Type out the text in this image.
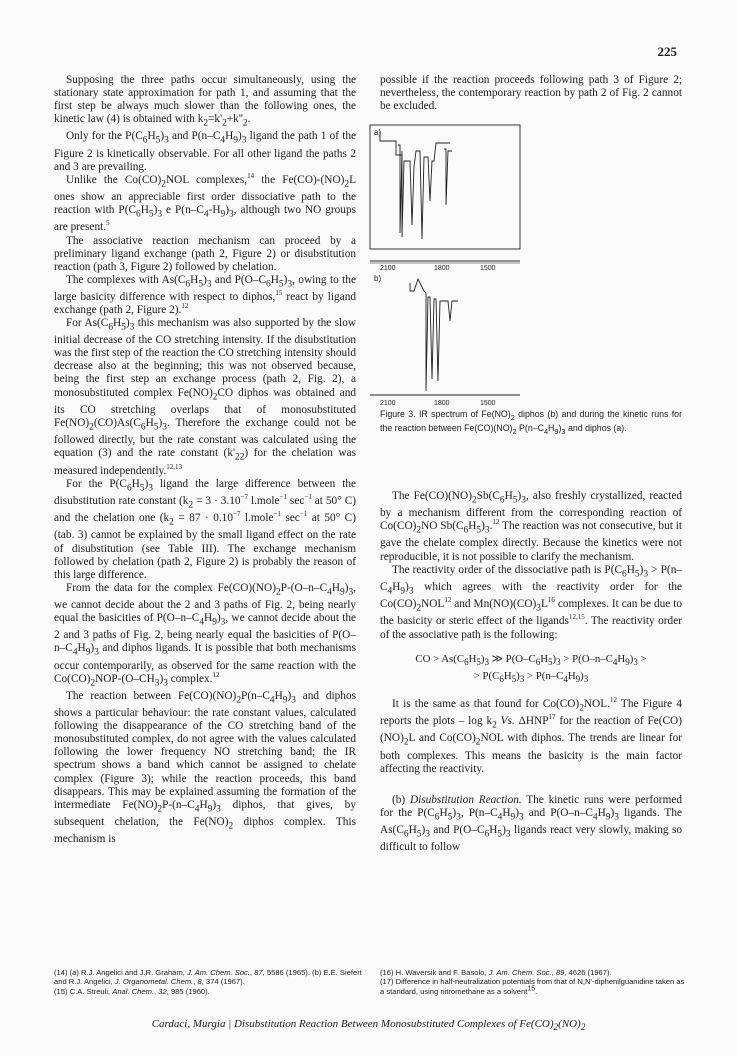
225

Supposing the three paths occur simultaneously, using the stationary state approximation for path 1, and assuming that the first step be always much slower than the following ones, the kinetic law (4) is obtained with $k_2=k'_2+k''_2$.

Only for the $P(C_6H_5)_3$ and $P(n-C_4H_9)_3$ ligand the path 1 of the Figure 2 is kinetically observable. For all other ligand the paths 2 and 3 are prevailing.

Unlike the $Co(CO)_2NOL$ complexes,$^{14}$ the $Fe(CO)-(NO)_2L$ ones show an appreciable first order dissociative path to the reaction with $P(C_6H_5)_3$ e $P(n-C_4-H_9)_3$, although two NO groups are present.$^5$

The associative reaction mechanism can proceed by a preliminary ligand exchange (path 2, Figure 2) or disubstitution reaction (path 3, Figure 2) followed by chelation.

The complexes with $As(C_6H_5)_3$ and $P(O-C_6H_5)_3$, owing to the large basicity difference with respect to diphos,$^{15}$ react by ligand exchange (path 2, Figure 2).$^{12}$

For $As(C_6H_5)_3$ this mechanism was also supported by the slow initial decrease of the CO stretching intensity. If the disubstitution was the first step of the reaction the CO stretching intensity should decrease also at the beginning; this was not observed because, being the first step an exchange process (path 2, Fig. 2), a monosubstituted complex $Fe(NO)_2CO$ diphos was obtained and its CO stretching overlaps that of monosubstituted $Fe(NO)_2(CO)As(C_6H_5)_3$. Therefore the exchange could not be followed directly, but the rate constant was calculated using the equation (3) and the rate constant $(k'_{22})$ for the chelation was measured independently.$^{12,13}$

For the $P(C_6H_5)_3$ ligand the large difference between the disubstitution rate constant ($k_2 = 3 \cdot 3.10^{-7}$ l.mole$^{-1}$ $\sec^{-1}$ at 50° C) and the chelation one ($k_2 = 87 \cdot 0.10^{-7}$ l.mole$^{-1}$ $\sec^{-1}$ at 50° C) (tab. 3) cannot be explained by the small ligand effect on the rate of disubstitution (see Table III). The exchange mechanism followed by chelation (path 2, Figure 2) is probably the reason of this large difference.

From the data for the complex $Fe(CO)(NO)_2P-(O-n-C_4H_9)_3$, we cannot decide about the 2 and 3 paths of Fig. 2, being nearly equal the basicities of $P(O-n-C_4H_9)_3$, we cannot decide about the 2 and 3 paths of Fig. 2, being nearly equal the basicities of $P(O-n-C_4H_9)_3$ and diphos ligands. It is possible that both mechanisms occur contemporarily, as observed for the same reaction with the $Co(CO)_2NOP-(O-CH_3)_3$ complex.$^{12}$

The reaction between $Fe(CO)(NO)_2P(n-C_4H_9)_3$ and diphos shows a particular behaviour: the rate constant values, calculated following the disappearance of the CO stretching band of the monosubstituted complex, do not agree with the values calculated following the lower frequency NO stretching band; the IR spectrum shows a band which cannot be assigned to chelate complex (Figure 3); while the reaction proceeds, this band disappears. This may be explained assuming the formation of the intermediate $Fe(NO)_2P-(n-C_4H_9)_3$ diphos, that gives, by subsequent chelation, the $Fe(NO)_2$ diphos complex. This mechanism is

possible if the reaction proceeds following path 3 of Figure 2; nevertheless, the contemporary reaction by path 2 of Fig. 2 cannot be excluded.

a)
2100	1800	1500
b)
2100	1800	1500

Figure 3. IR spectrum of $Fe(NO)_2$ diphos (b) and during the kinetic runs for the reaction between $Fe(CO)(NO)_2$ $P(n-C_4H_9)_3$ and diphos (a).

The $Fe(CO)(NO)_2Sb(C_6H_5)_3$, also freshly crystallized, reacted by a mechanism different from the corresponding reaction of $Co(CO)_2NO$ $Sb(C_6H_5)_3.^{12}$ The reaction was not consecutive, but it gave the chelate complex directly. Because the kinetics were not reproducible, it is not possible to clarify the mechanism.

The reactivity order of the dissociative path is $P(C_6H_5)_3 > P(n-C_4H_9)_3$ which agrees with the reactivity order for the $Co(CO)_2NOL^{12}$ and $Mn(NO)(CO)_3L^{16}$ complexes. It can be due to the basicity or steric effect of the ligands$^{12,15}$. The reactivity order of the associative path is the following:

CO > $As(C_6H_5)_3$ ≫ $P(O-C_6H_5)_3 > P(O-n-C_4H_9)_3$ >
> $P(C_6H_5)_3 > P(n-C_4H_9)_3$

It is the same as that found for $Co(CO)_2NOL.^{12}$ The Figure 4 reports the plots – $\log k_2$ Vs. ΔHNP$^{17}$ for the reaction of $Fe(CO)(NO)_2L$ and $Co(CO)_2NOL$ with diphos. The trends are linear for both complexes. This means the basicity is the main factor affecting the reactivity.

(b) Disubstitution Reaction. The kinetic runs were performed for the $P(C_6H_5)_3$, $P(n-C_4H_9)_3$ and $P(O-n-C_4H_9)_3$ ligands. The $As(C_6H_5)_3$ and $P(O-C_6H_5)_3$ ligands react very slowly, making so difficult to follow

(14) (a) R.J. Angelici and J.R. Graham, J. Am. Chem. Soc., 87, 5586 (1965). (b) E.E. Siefert and R.J. Angelici, J. Organometal. Chem., 8, 374 (1967).
(15) C.A. Streuli, Anal. Chem., 32, 985 (1960).
(16) H. Waversik and F. Basolo, J. Am. Chem. Soc., 89, 4626 (1967).
(17) Difference in half-neutralization potentials from that of N,N'-diphenilguanidine taken as a standard, using nitromethane as a solvent$^{15}$.
Cardaci, Murgia | Disubstitution Reaction Between Monosubstituted Complexes of $Fe(CO)_2(NO)_2$
